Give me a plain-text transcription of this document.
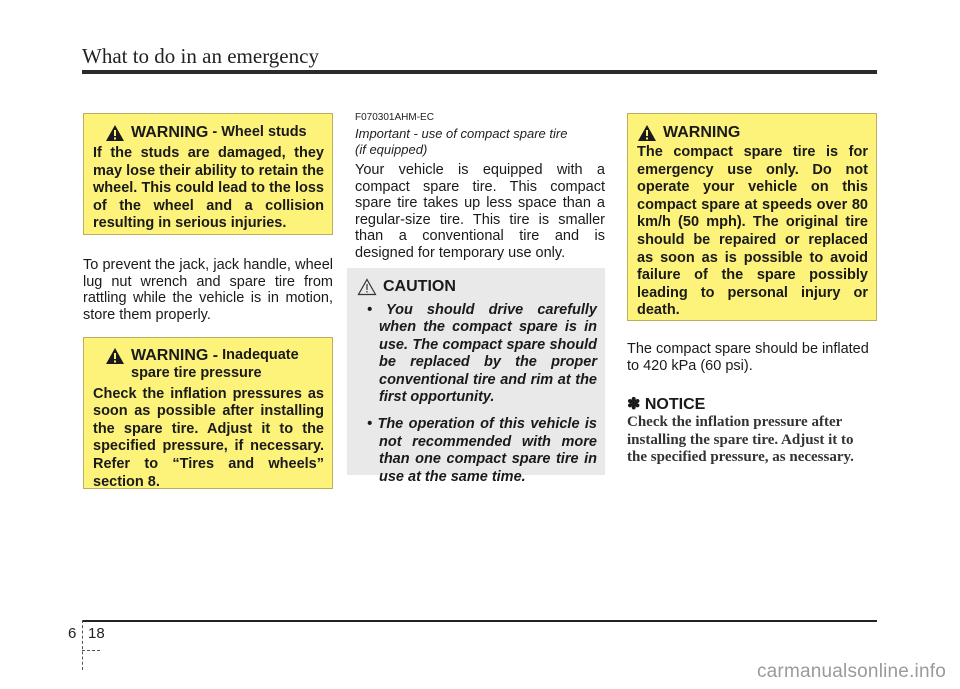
What to do in an emergency
WARNING
- Wheel studs
If the studs are damaged, they may lose their ability to retain the wheel. This could lead to the loss of the wheel and a collision resulting in serious injuries.
To prevent the jack, jack handle, wheel lug nut wrench and spare tire from rattling while the vehicle is in motion, store them properly.
WARNING -
Inadequate
spare tire pressure
Check the inflation pressures as soon as possible after installing the spare tire. Adjust it to the specified pressure, if necessary. Refer to “Tires and wheels” section 8.
F070301AHM-EC
Important - use of compact spare tire
(if equipped)
Your vehicle is equipped with a compact spare tire. This compact spare tire takes up less space than a regular-size tire. This tire is smaller than a conventional tire and is designed for temporary use only.
CAUTION
• You should drive carefully when the compact spare is in use. The compact spare should be replaced by the proper conventional tire and rim at the first opportunity.
• The operation of this vehicle is not recommended with more than one compact spare tire in use at the same time.
WARNING
The compact spare tire is for emergency use only. Do not operate your vehicle on this compact spare at speeds over 80 km/h (50 mph). The original tire should be repaired or replaced as soon as is possible to avoid failure of the spare possibly leading to personal injury or death.
The compact spare should be inflated to 420 kPa (60 psi).
✽ NOTICE
Check the inflation pressure after installing the spare tire. Adjust it to the specified pressure, as necessary.
6 18
carmanualsonline.info
